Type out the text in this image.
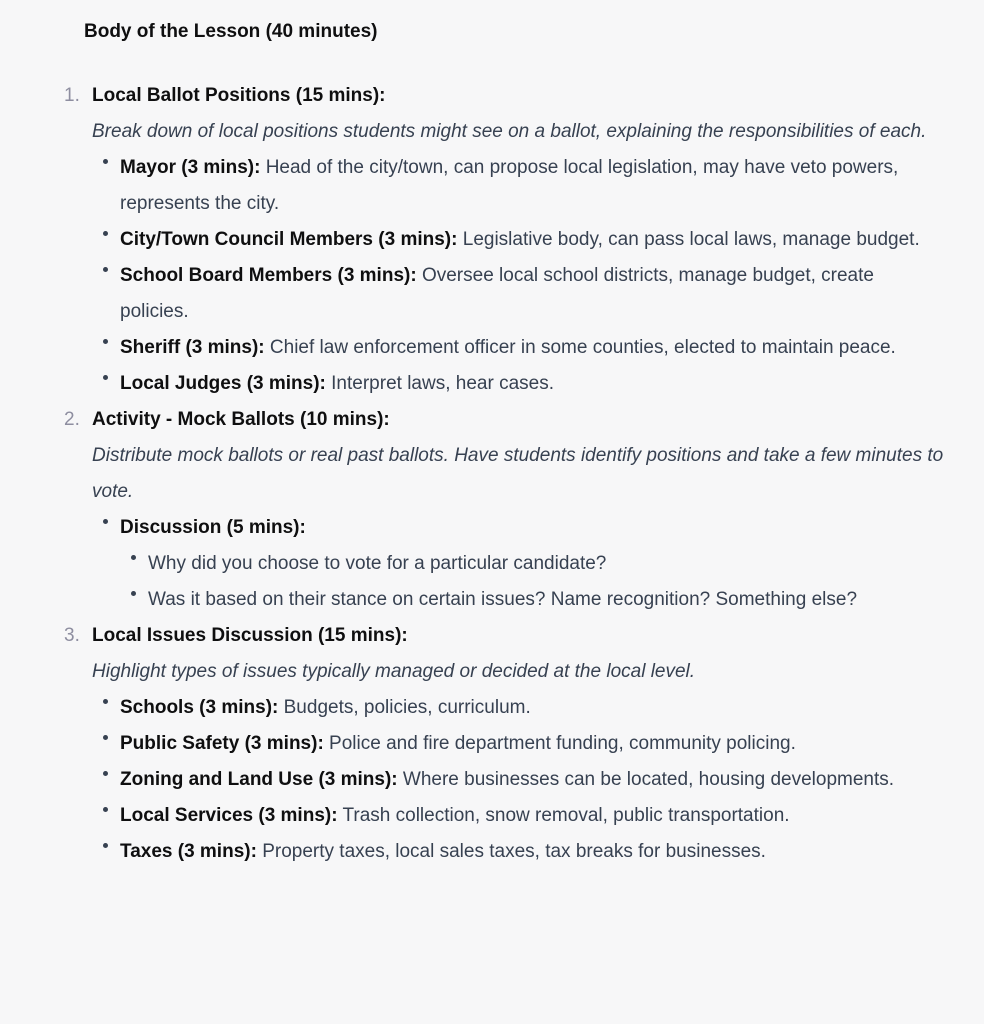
Body of the Lesson (40 minutes)
1. Local Ballot Positions (15 mins):
Break down of local positions students might see on a ballot, explaining the responsibilities of each.
Mayor (3 mins): Head of the city/town, can propose local legislation, may have veto powers, represents the city.
City/Town Council Members (3 mins): Legislative body, can pass local laws, manage budget.
School Board Members (3 mins): Oversee local school districts, manage budget, create policies.
Sheriff (3 mins): Chief law enforcement officer in some counties, elected to maintain peace.
Local Judges (3 mins): Interpret laws, hear cases.
2. Activity - Mock Ballots (10 mins):
Distribute mock ballots or real past ballots. Have students identify positions and take a few minutes to vote.
Discussion (5 mins):
Why did you choose to vote for a particular candidate?
Was it based on their stance on certain issues? Name recognition? Something else?
3. Local Issues Discussion (15 mins):
Highlight types of issues typically managed or decided at the local level.
Schools (3 mins): Budgets, policies, curriculum.
Public Safety (3 mins): Police and fire department funding, community policing.
Zoning and Land Use (3 mins): Where businesses can be located, housing developments.
Local Services (3 mins): Trash collection, snow removal, public transportation.
Taxes (3 mins): Property taxes, local sales taxes, tax breaks for businesses.
